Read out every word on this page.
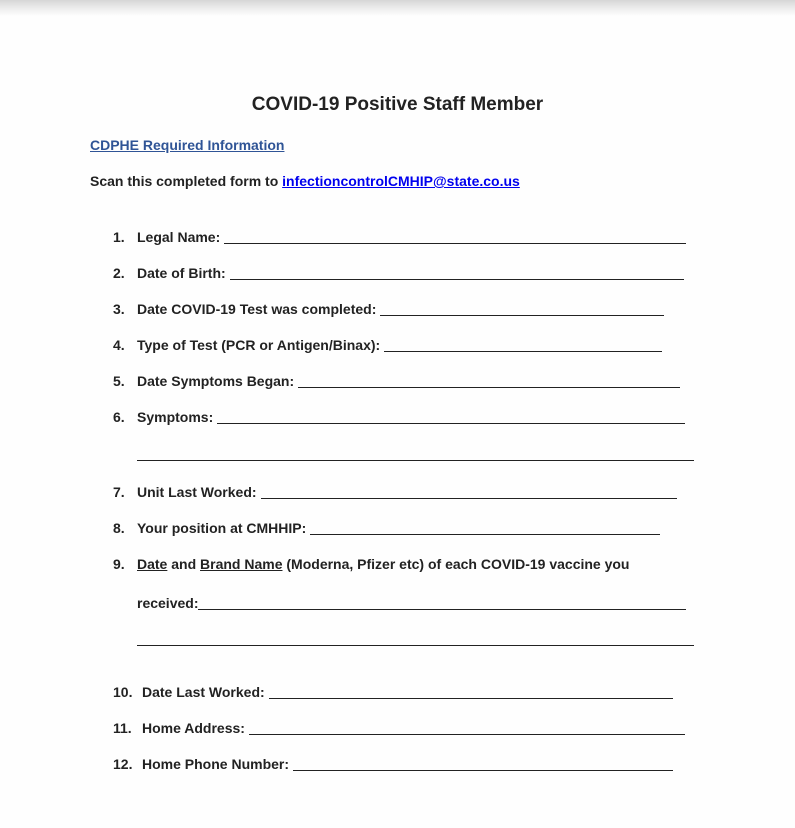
COVID-19 Positive Staff Member
CDPHE Required Information
Scan this completed form to infectioncontrolCMHIP@state.co.us
1. Legal Name:
2. Date of Birth:
3. Date COVID-19 Test was completed:
4. Type of Test (PCR or Antigen/Binax):
5. Date Symptoms Began:
6. Symptoms:
7. Unit Last Worked:
8. Your position at CMHHIP:
9. Date and Brand Name (Moderna, Pfizer etc) of each COVID-19 vaccine you
received:
10. Date Last Worked:
11. Home Address:
12. Home Phone Number:
